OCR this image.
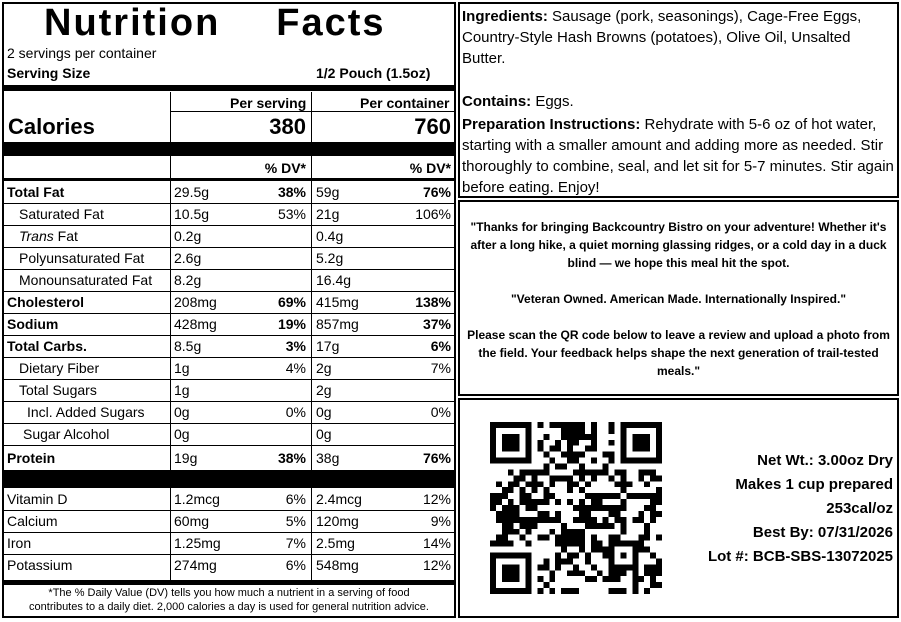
Nutrition Facts
2 servings per container
Serving Size	1/2 Pouch (1.5oz)
Per serving	Per container
Calories	380	760
% DV*	% DV*
Total Fat	29.5g	38% 59g	76%
Saturated Fat	10.5g	53% 21g	106%
Trans Fat	0.2g	0.4g
Polyunsaturated Fat 2.6g	5.2g
Monounsaturated Fat 8.2g	16.4g
Cholesterol	208mg	69% 415mg	138%
Sodium	428mg	19% 857mg	37%
Total Carbs.	8.5g	3% 17g	6%
Dietary Fiber	1g	4% 2g	7%
Total Sugars	1g	2g
Incl. Added Sugars 0g	0% 0g	0%
Sugar Alcohol	0g	0g
Protein	19g	38% 38g	76%
Vitamin D	1.2mcg	6% 2.4mcg	12%
Calcium	60mg	5% 120mg	9%
Iron	1.25mg	7% 2.5mg	14%
Potassium	274mg	6% 548mg	12%
*The % Daily Value (DV) tells you how much a nutrient in a serving of food
contributes to a daily diet. 2,000 calories a day is used for general nutrition advice.

Ingredients: Sausage (pork, seasonings), Cage-Free Eggs, Country-Style Hash Browns (potatoes), Olive Oil, Unsalted Butter.

Contains: Eggs.

Preparation Instructions: Rehydrate with 5-6 oz of hot water, starting with a smaller amount and adding more as needed. Stir thoroughly to combine, seal, and let sit for 5-7 minutes. Stir again before eating. Enjoy!

"Thanks for bringing Backcountry Bistro on your adventure! Whether it's after a long hike, a quiet morning glassing ridges, or a cold day in a duck blind — we hope this meal hit the spot.

"Veteran Owned. American Made. Internationally Inspired."

Please scan the QR code below to leave a review and upload a photo from the field. Your feedback helps shape the next generation of trail-tested meals."

Net Wt.: 3.00oz Dry
Makes 1 cup prepared
253cal/oz
Best By: 07/31/2026
Lot #: BCB-SBS-13072025
